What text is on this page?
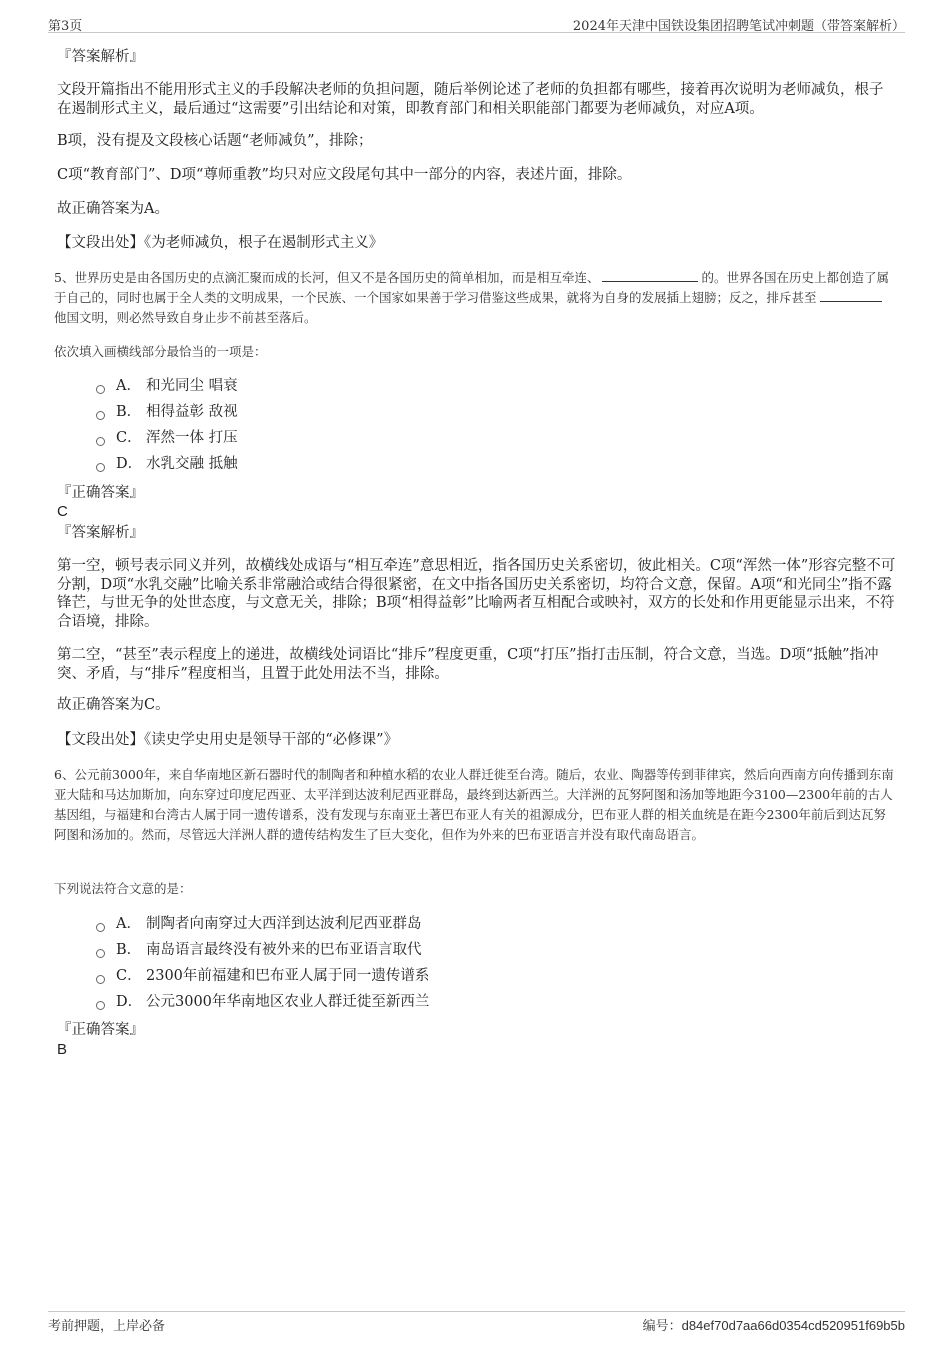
第3页	2024年天津中国铁设集团招聘笔试冲刺题（带答案解析）
『答案解析』
文段开篇指出不能用形式主义的手段解决老师的负担问题，随后举例论述了老师的负担都有哪些，接着再次说明为老师减负，根子在遏制形式主义，最后通过“这需要”引出结论和对策，即教育部门和相关职能部门都要为老师减负，对应A项。
B项，没有提及文段核心话题“老师减负”，排除；
C项“教育部门”、D项“尊师重教”均只对应文段尾句其中一部分的内容，表述片面，排除。
故正确答案为A。
【文段出处】《为老师减负，根子在遏制形式主义》
5、世界历史是由各国历史的点滴汇聚而成的长河，但又不是各国历史的简单相加，而是相互牵连、	的。世界各国在历史上都创造了属于自己的，同时也属于全人类的文明成果，一个民族、一个国家如果善于学习借鉴这些成果，就将为自身的发展插上翅膀；反之，排斥甚至他国文明，则必然导致自身止步不前甚至落后。
依次填入画横线部分最恰当的一项是：
A． 和光同尘 唱衰
B． 相得益彰 敌视
C． 浑然一体 打压
D． 水乳交融 抵触
『正确答案』
C
『答案解析』
第一空，顿号表示同义并列，故横线处成语与“相互牵连”意思相近，指各国历史关系密切，彼此相关。C项“浑然一体”形容完整不可分割，D项“水乳交融”比喻关系非常融洽或结合得很紧密，在文中指各国历史关系密切，均符合文意，保留。A项“和光同尘”指不露锋芒，与世无争的处世态度，与文意无关，排除；B项“相得益彰”比喻两者互相配合或映衬，双方的长处和作用更能显示出来，不符合语境，排除。
第二空，“甚至”表示程度上的递进，故横线处词语比“排斥”程度更重，C项“打压”指打击压制，符合文意，当选。D项“抵触”指冲突、矛盾，与“排斥”程度相当，且置于此处用法不当，排除。
故正确答案为C。
【文段出处】《读史学史用史是领导干部的“必修课”》
6、公元前3000年，来自华南地区新石器时代的制陶者和种植水稻的农业人群迁徙至台湾。随后，农业、陶器等传到菲律宾，然后向西南方向传播到东南亚大陆和马达加斯加，向东穿过印度尼西亚、太平洋到达波利尼西亚群岛，最终到达新西兰。大洋洲的瓦努阿图和汤加等地距今3100—2300年前的古人基因组，与福建和台湾古人属于同一遗传谱系，没有发现与东南亚土著巴布亚人有关的祖源成分，巴布亚人群的相关血统是在距今2300年前后到达瓦努阿图和汤加的。然而，尽管远大洋洲人群的遗传结构发生了巨大变化，但作为外来的巴布亚语言并没有取代南岛语言。
下列说法符合文意的是：
A． 制陶者向南穿过大西洋到达波利尼西亚群岛
B． 南岛语言最终没有被外来的巴布亚语言取代
C． 2300年前福建和巴布亚人属于同一遗传谱系
D． 公元3000年华南地区农业人群迁徙至新西兰
『正确答案』
B
考前押题，上岸必备	编号：d84ef70d7aa66d0354cd520951f69b5b
